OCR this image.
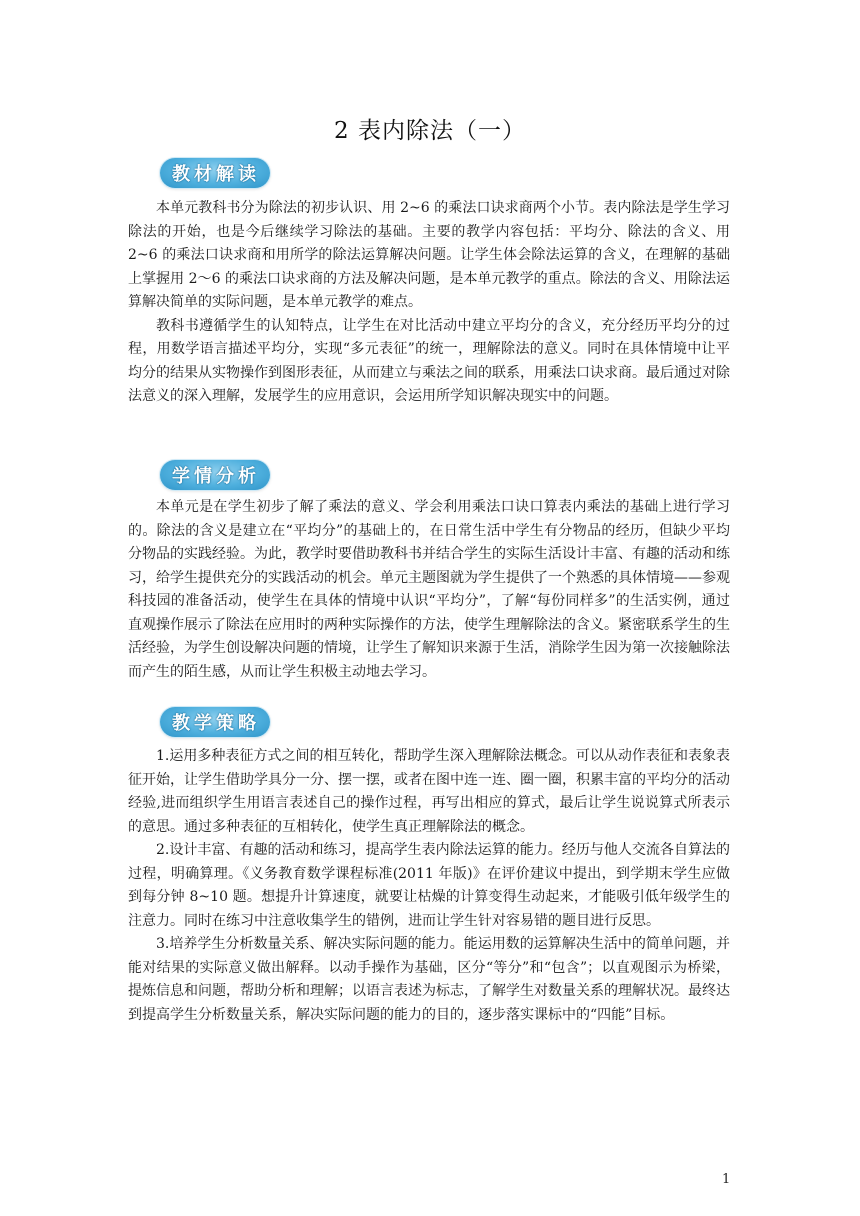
2 表内除法（一）
教材解读

本单元教科书分为除法的初步认识、用 2~6 的乘法口诀求商两个小节。表内除法是学生学习除法的开始，也是今后继续学习除法的基础。主要的教学内容包括：平均分、除法的含义、用 2~6 的乘法口诀求商和用所学的除法运算解决问题。让学生体会除法运算的含义，在理解的基础上掌握用 2～6 的乘法口诀求商的方法及解决问题，是本单元教学的重点。除法的含义、用除法运算解决简单的实际问题，是本单元教学的难点。

教科书遵循学生的认知特点，让学生在对比活动中建立平均分的含义，充分经历平均分的过程，用数学语言描述平均分，实现“多元表征”的统一，理解除法的意义。同时在具体情境中让平均分的结果从实物操作到图形表征，从而建立与乘法之间的联系，用乘法口诀求商。最后通过对除法意义的深入理解，发展学生的应用意识，会运用所学知识解决现实中的问题。

学情分析

本单元是在学生初步了解了乘法的意义、学会利用乘法口诀口算表内乘法的基础上进行学习的。除法的含义是建立在“平均分”的基础上的，在日常生活中学生有分物品的经历，但缺少平均分物品的实践经验。为此，教学时要借助教科书并结合学生的实际生活设计丰富、有趣的活动和练习，给学生提供充分的实践活动的机会。单元主题图就为学生提供了一个熟悉的具体情境——参观科技园的准备活动，使学生在具体的情境中认识“平均分”，了解“每份同样多”的生活实例，通过直观操作展示了除法在应用时的两种实际操作的方法，使学生理解除法的含义。紧密联系学生的生活经验，为学生创设解决问题的情境，让学生了解知识来源于生活，消除学生因为第一次接触除法而产生的陌生感，从而让学生积极主动地去学习。

教学策略

1.运用多种表征方式之间的相互转化，帮助学生深入理解除法概念。可以从动作表征和表象表征开始，让学生借助学具分一分、摆一摆，或者在图中连一连、圈一圈，积累丰富的平均分的活动经验,进而组织学生用语言表述自己的操作过程，再写出相应的算式，最后让学生说说算式所表示的意思。通过多种表征的互相转化，使学生真正理解除法的概念。

2.设计丰富、有趣的活动和练习，提高学生表内除法运算的能力。经历与他人交流各自算法的过程，明确算理。《义务教育数学课程标准(2011 年版)》在评价建议中提出，到学期末学生应做到每分钟 8~10 题。想提升计算速度，就要让枯燥的计算变得生动起来，才能吸引低年级学生的注意力。同时在练习中注意收集学生的错例，进而让学生针对容易错的题目进行反思。

3.培养学生分析数量关系、解决实际问题的能力。能运用数的运算解决生活中的简单问题，并能对结果的实际意义做出解释。以动手操作为基础，区分“等分”和“包含”；以直观图示为桥梁，提炼信息和问题，帮助分析和理解；以语言表述为标志，了解学生对数量关系的理解状况。最终达到提高学生分析数量关系，解决实际问题的能力的目的，逐步落实课标中的“四能”目标。

1
